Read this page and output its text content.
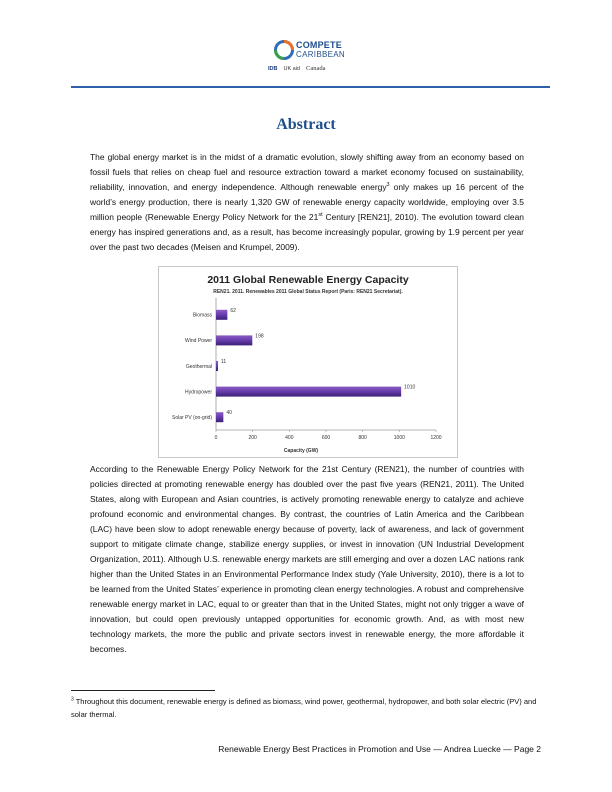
COMPETE
CARIBBEAN
IDB UK aid Canada
Abstract
The global energy market is in the midst of a dramatic evolution, slowly shifting away from an economy based on fossil fuels that relies on cheap fuel and resource extraction toward a market economy focused on sustainability, reliability, innovation, and energy independence. Although renewable energy$^3$ only makes up 16 percent of the world’s energy production, there is nearly 1,320 GW of renewable energy capacity worldwide, employing over 3.5 million people (Renewable Energy Policy Network for the 21st Century [REN21], 2010). The evolution toward clean energy has inspired generations and, as a result, has become increasingly popular, growing by 1.9 percent per year over the past two decades (Meisen and Krumpel, 2009).
2011 Global Renewable Energy Capacity
REN21. 2011. Renewables 2011 Global Status Report (Paris: REN21 Secretariat).
Biomass
62
Wind Power
198
Geothermal
11
Hydropower
1010
Solar PV (on-grid)
40
0	200	400	600	800	1000	1200
Capacity (GW)
According to the Renewable Energy Policy Network for the 21st Century (REN21), the number of countries with policies directed at promoting renewable energy has doubled over the past five years (REN21, 2011). The United States, along with European and Asian countries, is actively promoting renewable energy to catalyze and achieve profound economic and environmental changes. By contrast, the countries of Latin America and the Caribbean (LAC) have been slow to adopt renewable energy because of poverty, lack of awareness, and lack of government support to mitigate climate change, stabilize energy supplies, or invest in innovation (UN Industrial Development Organization, 2011). Although U.S. renewable energy markets are still emerging and over a dozen LAC nations rank higher than the United States in an Environmental Performance Index study (Yale University, 2010), there is a lot to be learned from the United States’ experience in promoting clean energy technologies. A robust and comprehensive renewable energy market in LAC, equal to or greater than that in the United States, might not only trigger a wave of innovation, but could open previously untapped opportunities for economic growth. And, as with most new technology markets, the more the public and private sectors invest in renewable energy, the more affordable it becomes.
$^3$ Throughout this document, renewable energy is defined as biomass, wind power, geothermal, hydropower, and both solar electric (PV) and solar thermal.
Renewable Energy Best Practices in Promotion and Use — Andrea Luecke — Page 2
